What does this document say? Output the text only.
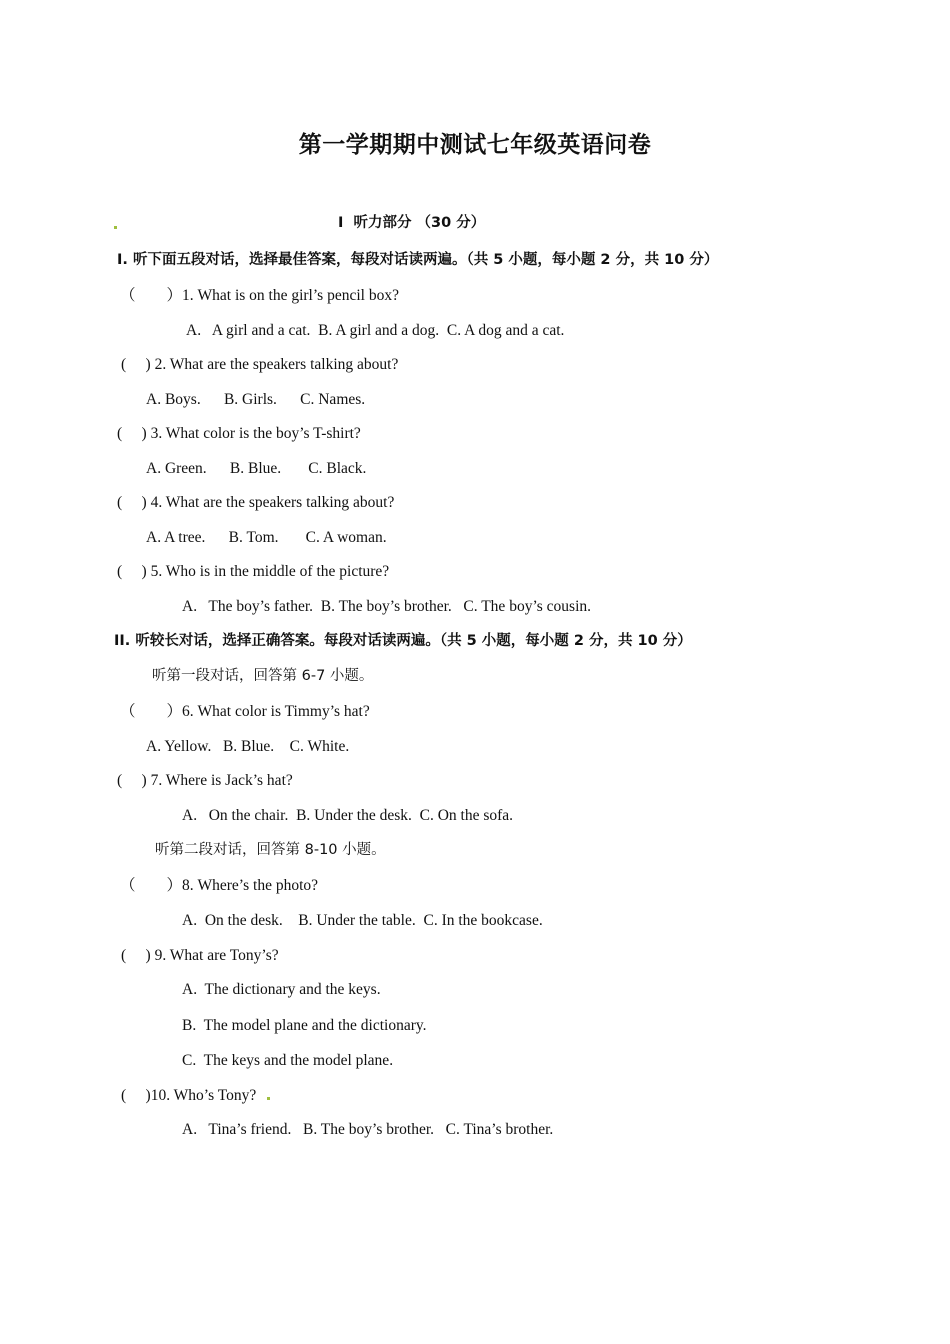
第一学期期中测试七年级英语问卷
Ⅰ  听力部分 （30 分）
Ⅰ. 听下面五段对话，选择最佳答案，每段对话读两遍。（共 5 小题，每小题 2 分，共 10 分）
（        ）1. What is on the girl’s pencil box?
A.   A girl and a cat.  B. A girl and a dog.  C. A dog and a cat.
(     ) 2. What are the speakers talking about?
A. Boys.      B. Girls.      C. Names.
(     ) 3. What color is the boy’s T-shirt?
A. Green.      B. Blue.       C. Black.
(     ) 4. What are the speakers talking about?
A. A tree.      B. Tom.       C. A woman.
(     ) 5. Who is in the middle of the picture?
A.   The boy’s father.  B. The boy’s brother.   C. The boy’s cousin.
II. 听较长对话，选择正确答案。每段对话读两遍。（共 5 小题，每小题 2 分，共 10 分）
听第一段对话，回答第 6-7 小题。
（        ）6. What color is Timmy’s hat?
A. Yellow.   B. Blue.    C. White.
(     ) 7. Where is Jack’s hat?
A.   On the chair.  B. Under the desk.  C. On the sofa.
听第二段对话，回答第 8-10 小题。
（        ）8. Where’s the photo?
A.  On the desk.    B. Under the table.  C. In the bookcase.
(     ) 9. What are Tony’s?
A.  The dictionary and the keys.
B.  The model plane and the dictionary.
C.  The keys and the model plane.
(     )10. Who’s Tony?
A.   Tina’s friend.   B. The boy’s brother.   C. Tina’s brother.
